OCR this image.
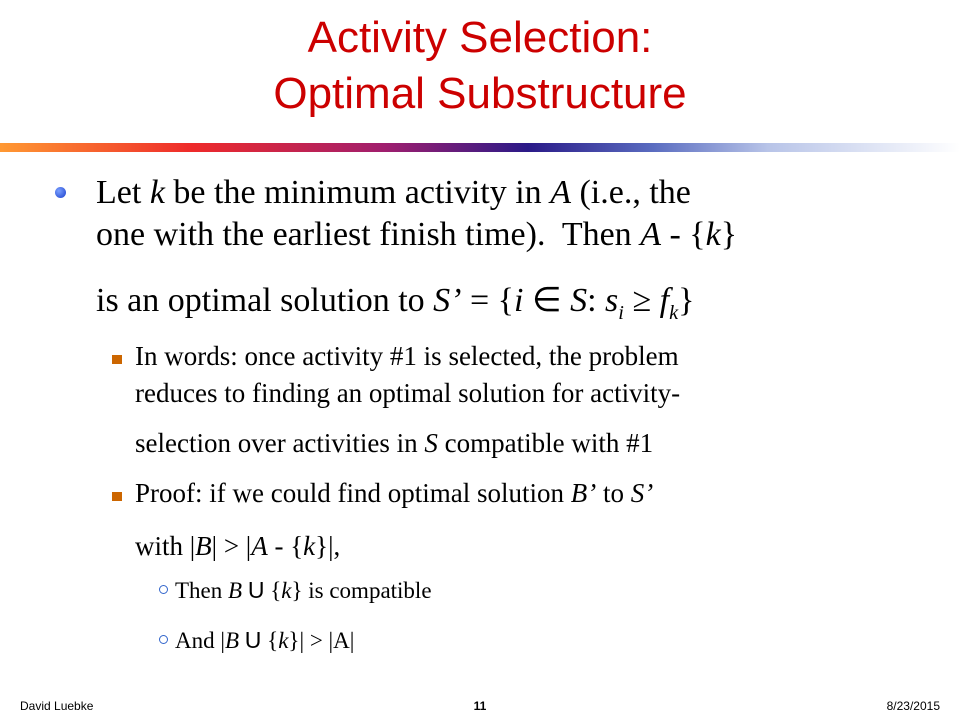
Activity Selection:
Optimal Substructure
Let k be the minimum activity in A (i.e., the
one with the earliest finish time).  Then A - {k}
is an optimal solution to S’ = {i ∈ S: $s_i \ge f_k$}
In words: once activity #1 is selected, the problem
reduces to finding an optimal solution for activity-
selection over activities in S compatible with #1
Proof: if we could find optimal solution B’ to S’
with |B| > |A - {k}|,
Then B U {k} is compatible
And |B U {k}| > |A|
David Luebke	11	8/23/2015
